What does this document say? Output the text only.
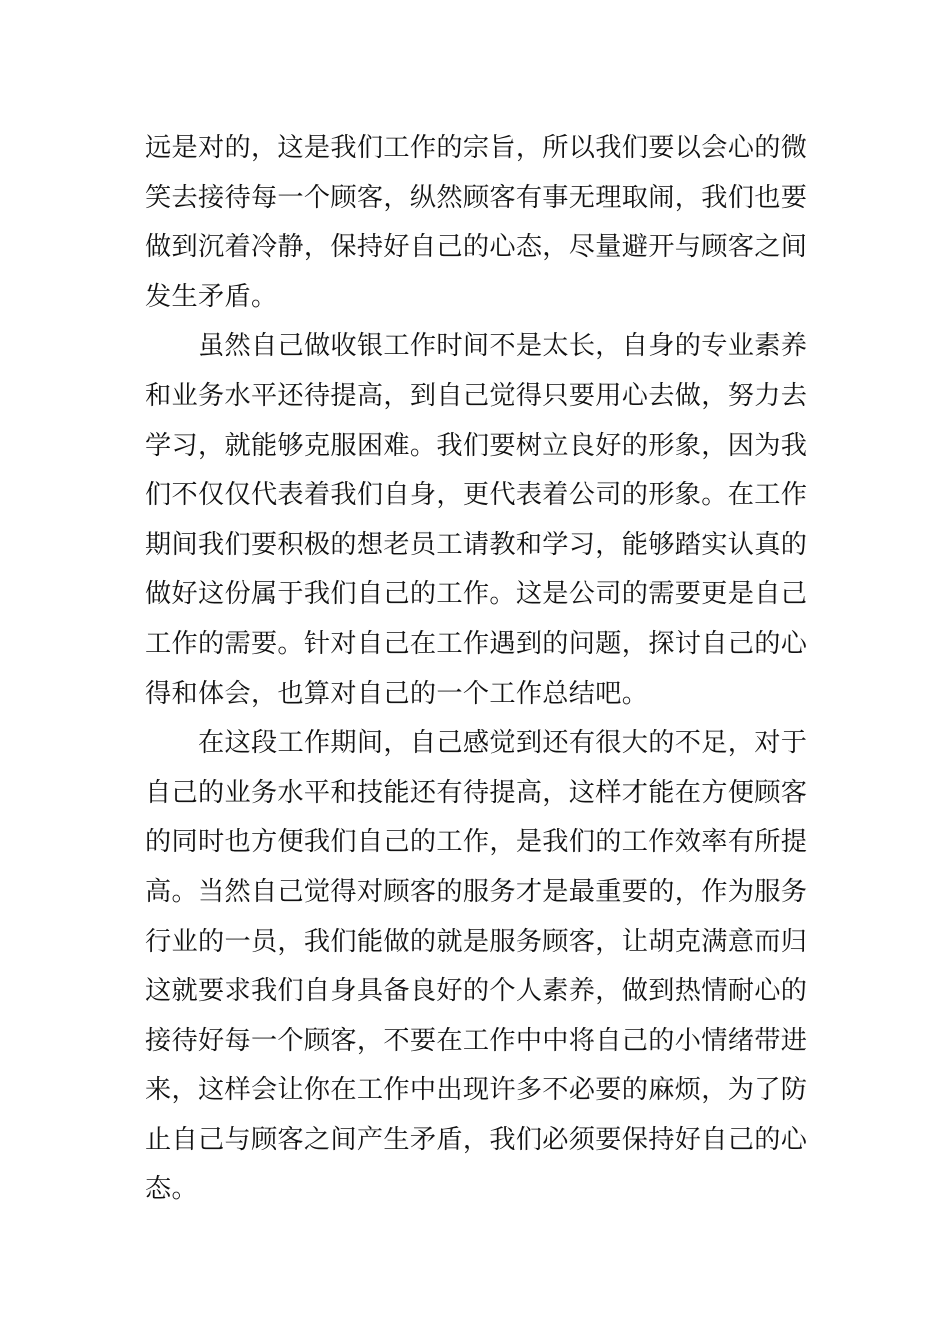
远是对的，这是我们工作的宗旨，所以我们要以会心的微
笑去接待每一个顾客，纵然顾客有事无理取闹，我们也要
做到沉着冷静，保持好自己的心态，尽量避开与顾客之间
发生矛盾。

虽然自己做收银工作时间不是太长，自身的专业素养
和业务水平还待提高，到自己觉得只要用心去做，努力去
学习，就能够克服困难。我们要树立良好的形象，因为我
们不仅仅代表着我们自身，更代表着公司的形象。在工作
期间我们要积极的想老员工请教和学习，能够踏实认真的
做好这份属于我们自己的工作。这是公司的需要更是自己
工作的需要。针对自己在工作遇到的问题，探讨自己的心
得和体会，也算对自己的一个工作总结吧。

在这段工作期间，自己感觉到还有很大的不足，对于
自己的业务水平和技能还有待提高，这样才能在方便顾客
的同时也方便我们自己的工作，是我们的工作效率有所提
高。当然自己觉得对顾客的服务才是最重要的，作为服务
行业的一员，我们能做的就是服务顾客，让胡克满意而归
这就要求我们自身具备良好的个人素养，做到热情耐心的
接待好每一个顾客，不要在工作中中将自己的小情绪带进
来，这样会让你在工作中出现许多不必要的麻烦，为了防
止自己与顾客之间产生矛盾，我们必须要保持好自己的心
态。
